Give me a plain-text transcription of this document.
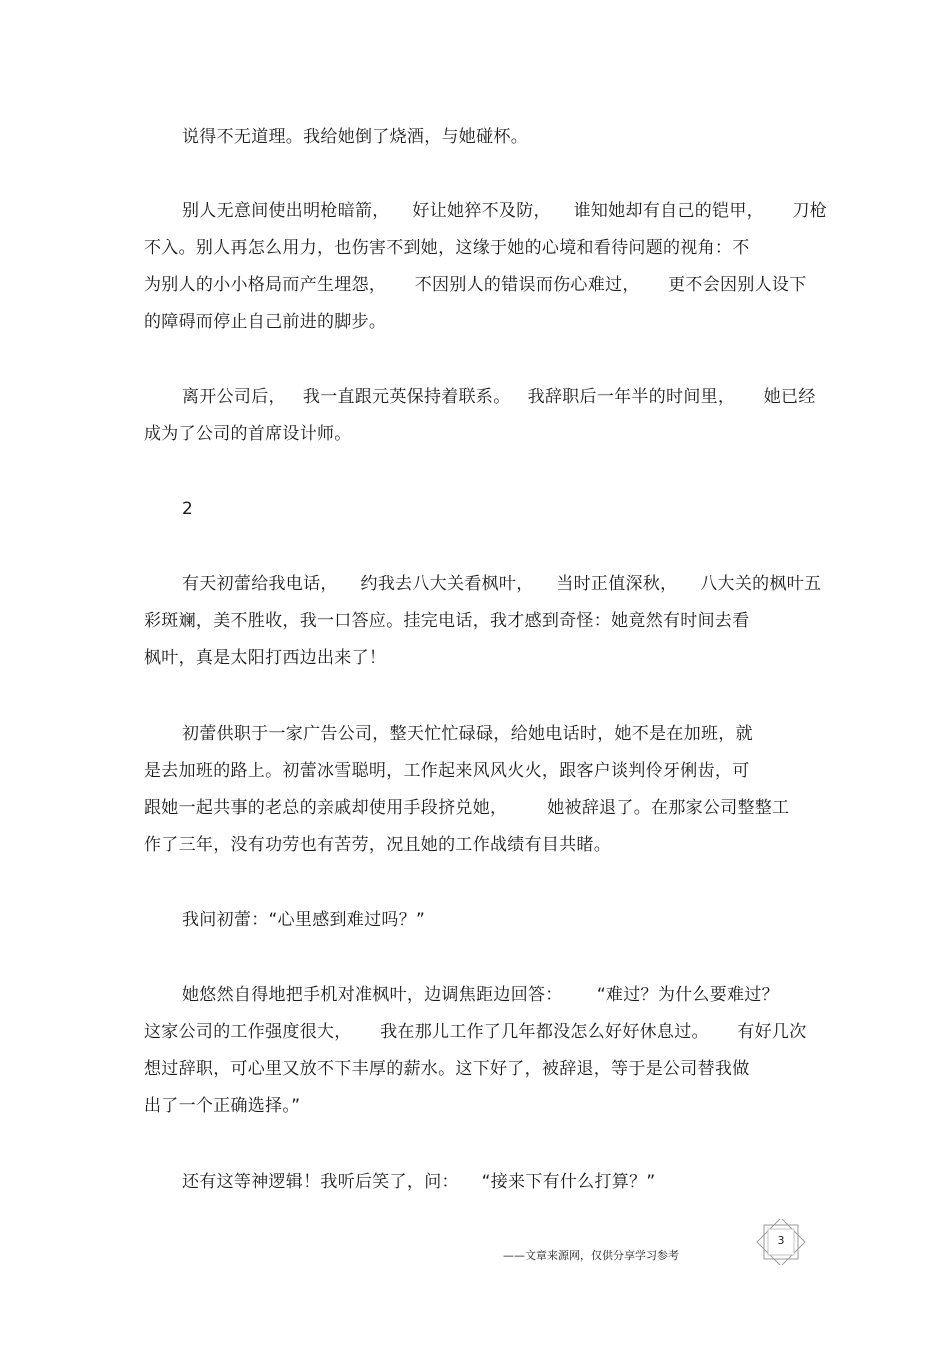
说得不无道理。我给她倒了烧酒，与她碰杯。
别人无意间使出明枪暗箭，    好让她猝不及防，    谁知她却有自己的铠甲，     刀枪
不入。别人再怎么用力，也伤害不到她，这缘于她的心境和看待问题的视角：不
为别人的小小格局而产生埋怨，     不因别人的错误而伤心难过，     更不会因别人设下
的障碍而停止自己前进的脚步。
离开公司后，   我一直跟元英保持着联系。   我辞职后一年半的时间里，     她已经
成为了公司的首席设计师。
2
有天初蕾给我电话，    约我去八大关看枫叶，    当时正值深秋，    八大关的枫叶五
彩斑斓，美不胜收，我一口答应。挂完电话，我才感到奇怪：她竟然有时间去看
枫叶，真是太阳打西边出来了！
初蕾供职于一家广告公司，整天忙忙碌碌，给她电话时，她不是在加班，就
是去加班的路上。初蕾冰雪聪明，工作起来风风火火，跟客户谈判伶牙俐齿，可
跟她一起共事的老总的亲戚却使用手段挤兑她，       她被辞退了。在那家公司整整工
作了三年，没有功劳也有苦劳，况且她的工作战绩有目共睹。
我问初蕾：“心里感到难过吗？”
她悠然自得地把手机对准枫叶，边调焦距边回答：      “难过？为什么要难过？
这家公司的工作强度很大，     我在那儿工作了几年都没怎么好好休息过。     有好几次
想过辞职，可心里又放不下丰厚的薪水。这下好了，被辞退，等于是公司替我做
出了一个正确选择。”
还有这等神逻辑！我听后笑了，问：    “接来下有什么打算？”
——文章来源网，仅供分享学习参考
3
